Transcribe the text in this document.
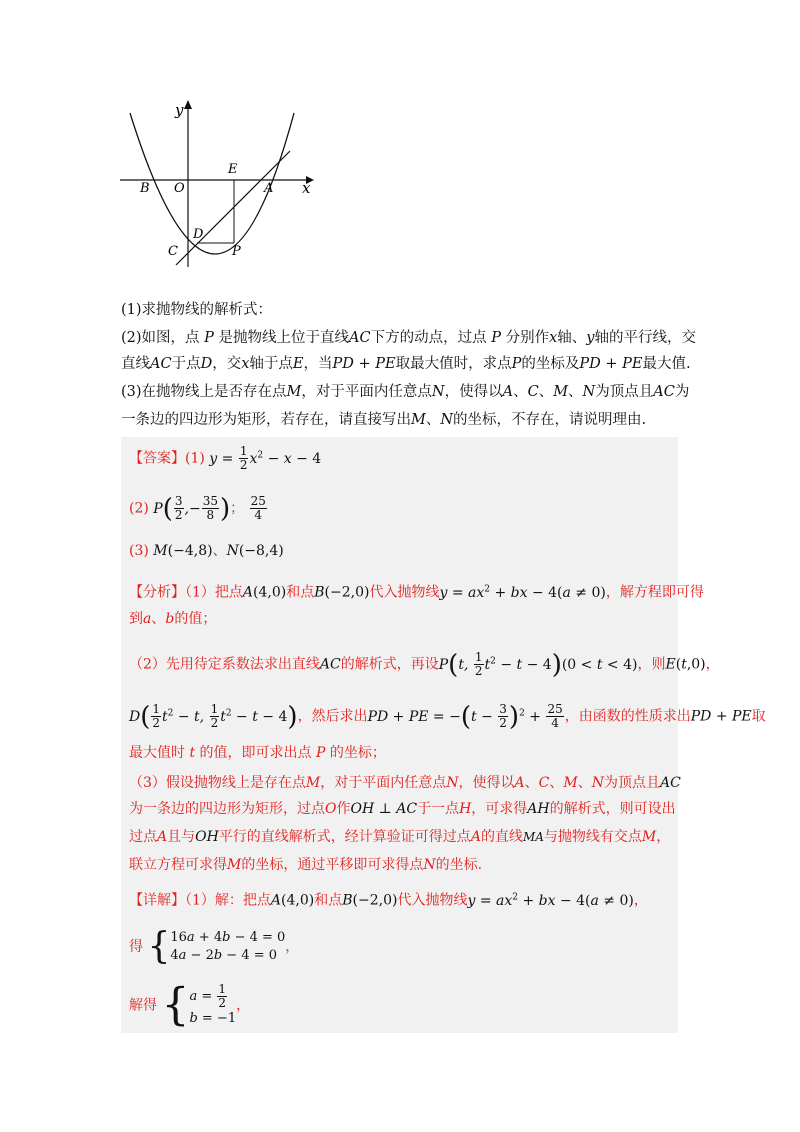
y
x
O
B	A
E
C
D
P
(1)求抛物线的解析式：
(2)如图，点 P 是抛物线上位于直线AC下方的动点，过点 P 分别作x轴、y轴的平行线，交
直线AC于点D，交x轴于点E，当PD + PE取最大值时，求点P的坐标及PD + PE最大值.
(3)在抛物线上是否存在点M，对于平面内任意点N，使得以A、C、M、N为顶点且AC为
一条边的四边形为矩形，若存在，请直接写出M、N的坐标，不存在，请说明理由.
【答案】(1) $y = \frac{1}{2} x^2 - x - 4$
(2) $P( \frac{3}{2}$ ,− $\frac{35}{8}$ )； $\frac{25}{4}$
(3) M(−4,8)、N(−8,4)
【分析】（1）把点A(4,0)和点B(−2,0)代入抛物线$y = ax^2$ + bx − 4(a ≠ 0)，解方程即可得
到a、b的值；
（2）先用待定系数法求出直线AC的解析式，再设P(t, $\frac{1}{2} t^2 - t - 4)(0 < t < 4)$，则E(t,0)，
$D( \frac{1}{2} t^2 - t$, $\frac{1}{2} t^2 - t - 4$)，然后求出PD + PE = $-(t - \frac{3}{2} )^2 + \frac{25}{4}$ ，由函数的性质求出PD + PE取
最大值时 t 的值，即可求出点 P 的坐标；
（3）假设抛物线上是存在点M，对于平面内任意点N，使得以A、C、M、N为顶点且AC
为一条边的四边形为矩形，过点O作OH ⊥ AC于一点H，可求得AH的解析式，则可设出
过点A且与OH平行的直线解析式，经计算验证可得过点A的直线MA与抛物线有交点M，
联立方程可求得M的坐标，通过平移即可求得点N的坐标.
【详解】（1）解：把点A(4,0)和点B(−2,0)代入抛物线$y = ax^2$ + bx − 4(a ≠ 0)，
得 { 16a + 4b − 4 = 0
4a − 2b − 4 = 0
，
解得 { $a = \frac{1}{2}$
b = −1
，
